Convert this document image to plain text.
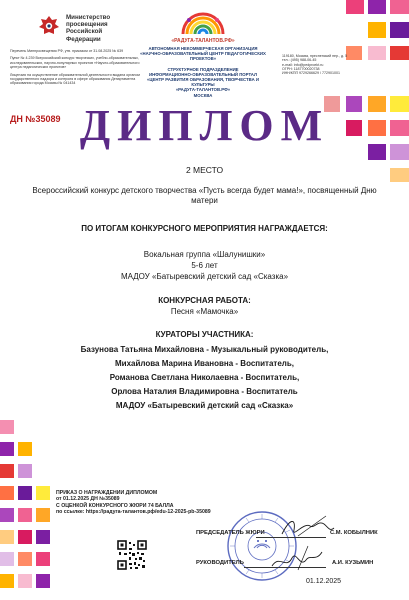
Министерство просвещения Российской Федерации

Перечень Минпросвещения РФ, утв. приказом от 31.08.2025 № 639

Пункт № 4.239 Всероссийский конкурс творческих, учебно-образовательных, исследовательских, научно-популярных проектов «Научно-образовательного центра педагогических проектов»

Лицензия на осуществление образовательной деятельности выдана органом государственного надзора и контроля в сфере образования Департамента образования города Москвы № 041434

«РАДУГА-ТАЛАНТОВ.РФ»
АВТОНОМНАЯ НЕКОММЕРЧЕСКАЯ ОРГАНИЗАЦИЯ
«НАУЧНО-ОБРАЗОВАТЕЛЬНЫЙ ЦЕНТР ПЕДАГОГИЧЕСКИХ ПРОЕКТОВ»
СТРУКТУРНОЕ ПОДРАЗДЕЛЕНИЕ
ИНФОРМАЦИОННО-ОБРАЗОВАТЕЛЬНЫЙ ПОРТАЛ
«ЦЕНТР РАЗВИТИЯ ОБРАЗОВАНИЯ, ТВОРЧЕСТВА И КУЛЬТУРЫ
«РАДУГА-ТАЛАНТОВ.РФ»
МОСКВА
119180, Москва, пресненский пер., д. 5
тел.: (495) 988-06-45
e-mail: info@pedproekt.ru
ОГРН: 1187700020738
ИНН/КПП 9729266629 / 772901001
ДН №35089 ДИПЛОМ
2 МЕСТО
Всероссийский конкурс детского творчества «Пусть всегда будет мама!», посвященный Дню матери
ПО ИТОГАМ КОНКУРСНОГО МЕРОПРИЯТИЯ НАГРАЖДАЕТСЯ:
Вокальная группа «Шалунишки»
5-6 лет
МАДОУ «Батыревский детский сад «Сказка»
КОНКУРСНАЯ РАБОТА:
Песня «Мамочка»
КУРАТОРЫ УЧАСТНИКА:
Базунова Татьяна Михайловна - Музыкальный руководитель,
Михайлова Марина Ивановна - Воспитатель,
Романова Светлана Николаевна - Воспитатель,
Орлова Наталия Владимировна - Воспитатель
МАДОУ «Батыревский детский сад «Сказка»
ПРИКАЗ О НАГРАЖДЕНИИ ДИПЛОМОМ
от 01.12.2025 ДН №35089
С ОЦЕНКОЙ КОНКУРСНОГО ЖЮРИ 74 БАЛЛА
по ссылке: https://радуга-талантов.рф/edu-12-2025-pb-35089
ПРЕДСЕДАТЕЛЬ ЖЮРИ	С.М. КОБЫЛНИК
РУКОВОДИТЕЛЬ	А.И. КУЗЬМИН
01.12.2025
